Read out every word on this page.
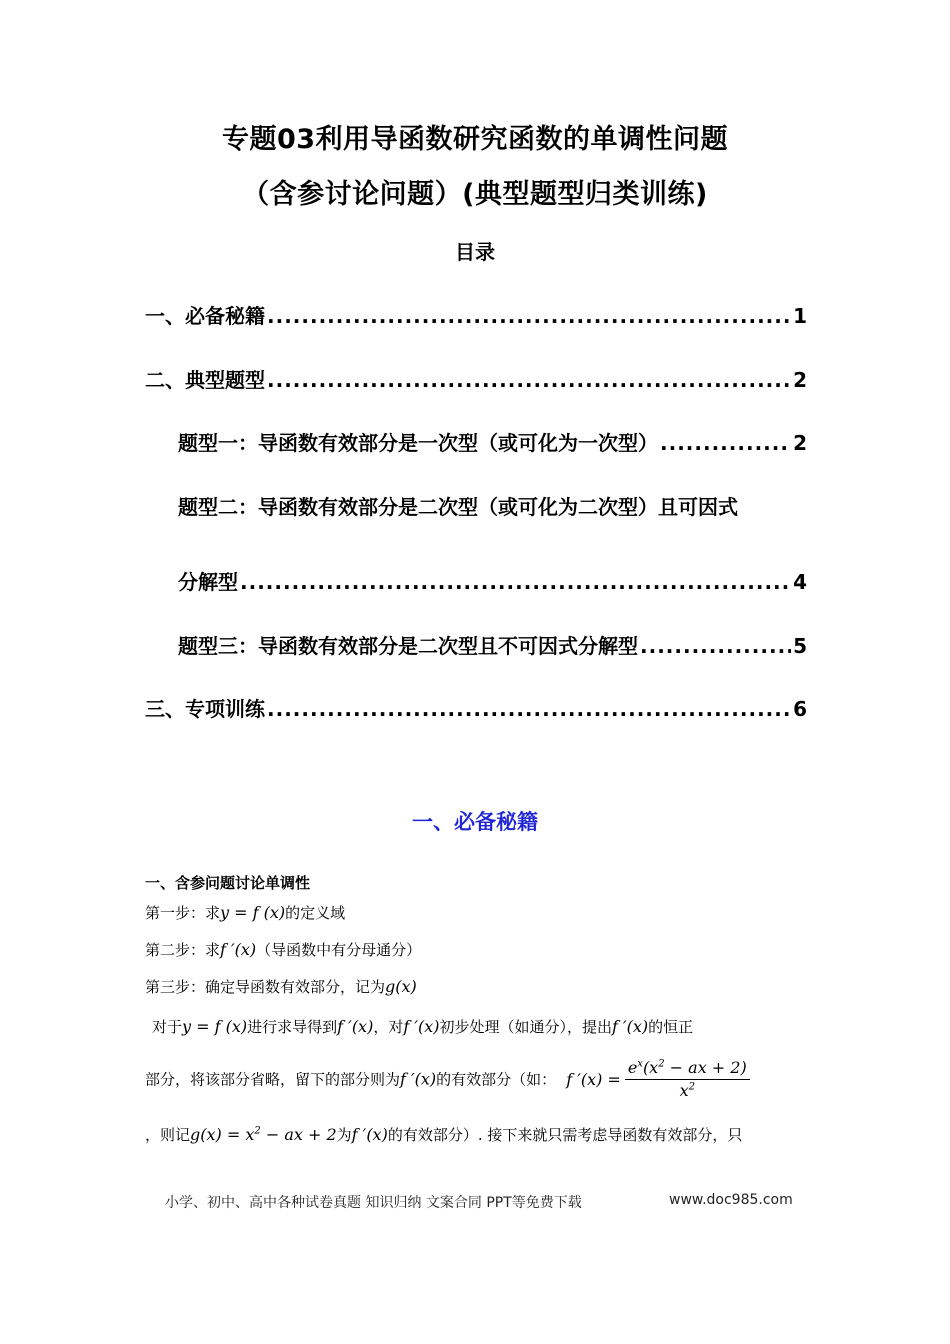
专题03利用导函数研究函数的单调性问题
（含参讨论问题）(典型题型归类训练)
目录
一、必备秘籍 .....	1
二、典型题型 .....	2
题型一：导函数有效部分是一次型（或可化为一次型） .....	2
题型二：导函数有效部分是二次型（或可化为二次型）且可因式
分解型 .....	4
题型三：导函数有效部分是二次型且不可因式分解型 .....	5
三、专项训练 .....	6
一、必备秘籍
一、含参问题讨论单调性
第一步：求y = f (x)的定义域
第二步：求f ′(x)（导函数中有分母通分）
第三步：确定导函数有效部分，记为g(x)
对于y = f (x)进行求导得到f ′(x)，对f ′(x)初步处理（如通分），提出f ′(x)的恒正
部分，将该部分省略，留下的部分则为f ′(x)的有效部分（如： f $'(x) = \frac{e^x(x^2 - ax + 2)}{x^2}$
，则记$g(x) = x^2$ − ax + 2为f ′(x)的有效部分）. 接下来就只需考虑导函数有效部分，只
小学、初中、高中各种试卷真题 知识归纳 文案合同 PPT等免费下载	www.doc985.com
